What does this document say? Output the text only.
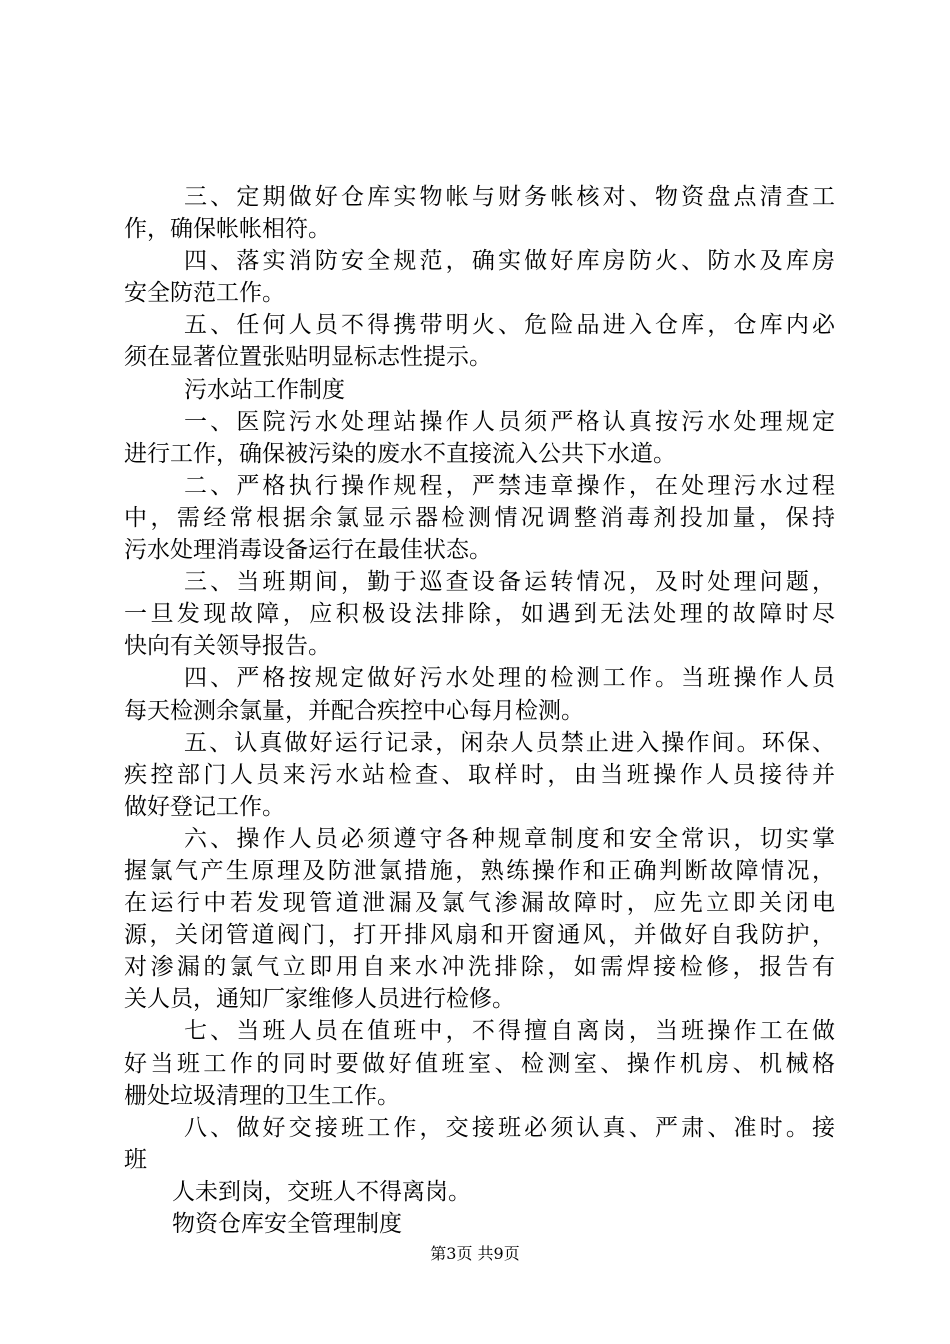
三、定期做好仓库实物帐与财务帐核对、物资盘点清查工
作，确保帐帐相符。
四、落实消防安全规范，确实做好库房防火、防水及库房
安全防范工作。
五、任何人员不得携带明火、危险品进入仓库，仓库内必
须在显著位置张贴明显标志性提示。
污水站工作制度
一、医院污水处理站操作人员须严格认真按污水处理规定
进行工作，确保被污染的废水不直接流入公共下水道。
二、严格执行操作规程，严禁违章操作，在处理污水过程
中，需经常根据余氯显示器检测情况调整消毒剂投加量，保持
污水处理消毒设备运行在最佳状态。
三、当班期间，勤于巡查设备运转情况，及时处理问题，
一旦发现故障，应积极设法排除，如遇到无法处理的故障时尽
快向有关领导报告。
四、严格按规定做好污水处理的检测工作。当班操作人员
每天检测余氯量，并配合疾控中心每月检测。
五、认真做好运行记录，闲杂人员禁止进入操作间。环保、
疾控部门人员来污水站检查、取样时，由当班操作人员接待并
做好登记工作。
六、操作人员必须遵守各种规章制度和安全常识，切实掌
握氯气产生原理及防泄氯措施，熟练操作和正确判断故障情况，
在运行中若发现管道泄漏及氯气渗漏故障时，应先立即关闭电
源，关闭管道阀门，打开排风扇和开窗通风，并做好自我防护，
对渗漏的氯气立即用自来水冲洗排除，如需焊接检修，报告有
关人员，通知厂家维修人员进行检修。
七、当班人员在值班中，不得擅自离岗，当班操作工在做
好当班工作的同时要做好值班室、检测室、操作机房、机械格
栅处垃圾清理的卫生工作。
八、做好交接班工作，交接班必须认真、严肃、准时。接
班
人未到岗，交班人不得离岗。
物资仓库安全管理制度
第3页 共9页
